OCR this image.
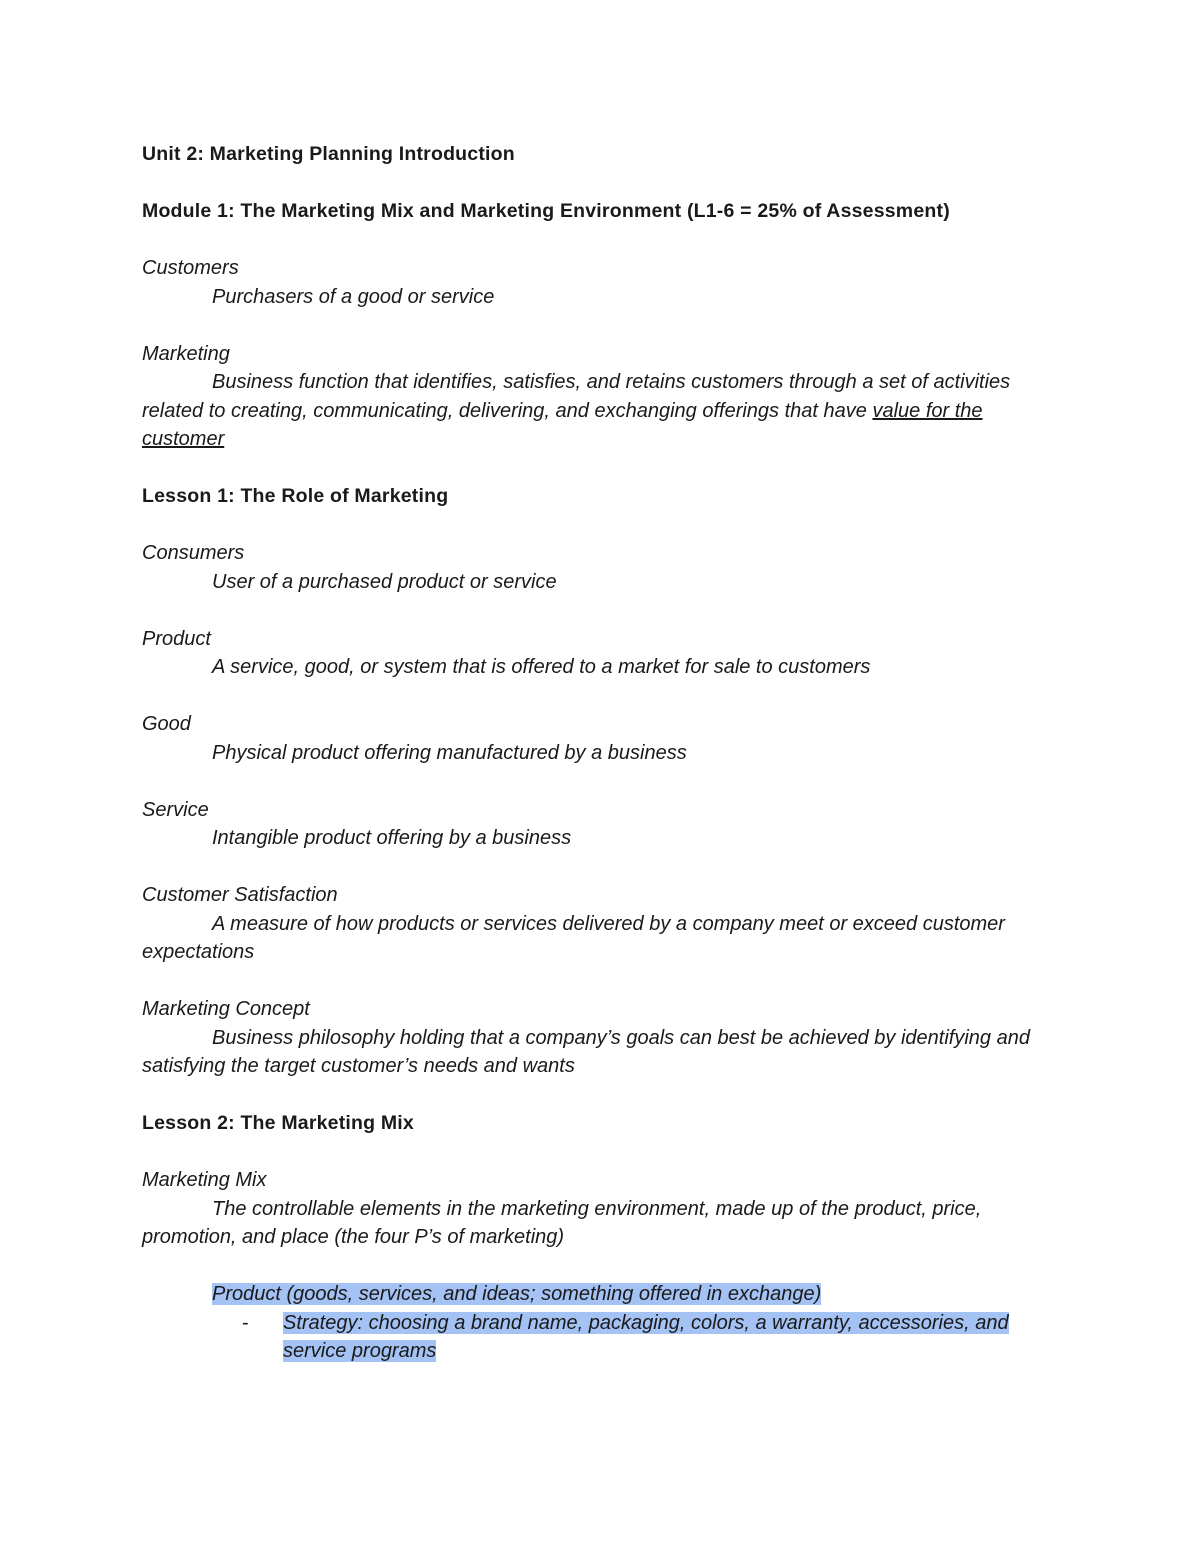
Unit 2: Marketing Planning Introduction

Module 1: The Marketing Mix and Marketing Environment (L1-6 = 25% of Assessment)

Customers

Purchasers of a good or service

Marketing

Business function that identifies, satisfies, and retains customers through a set of activities related to creating, communicating, delivering, and exchanging offerings that have value for the customer

Lesson 1: The Role of Marketing

Consumers

User of a purchased product or service

Product

A service, good, or system that is offered to a market for sale to customers

Good

Physical product offering manufactured by a business

Service

Intangible product offering by a business

Customer Satisfaction

A measure of how products or services delivered by a company meet or exceed customer expectations

Marketing Concept

Business philosophy holding that a company’s goals can best be achieved by identifying and satisfying the target customer’s needs and wants

Lesson 2: The Marketing Mix

Marketing Mix

The controllable elements in the marketing environment, made up of the product, price, promotion, and place (the four P’s of marketing)

Product (goods, services, and ideas; something offered in exchange)

-	Strategy: choosing a brand name, packaging, colors, a warranty, accessories, and service programs
